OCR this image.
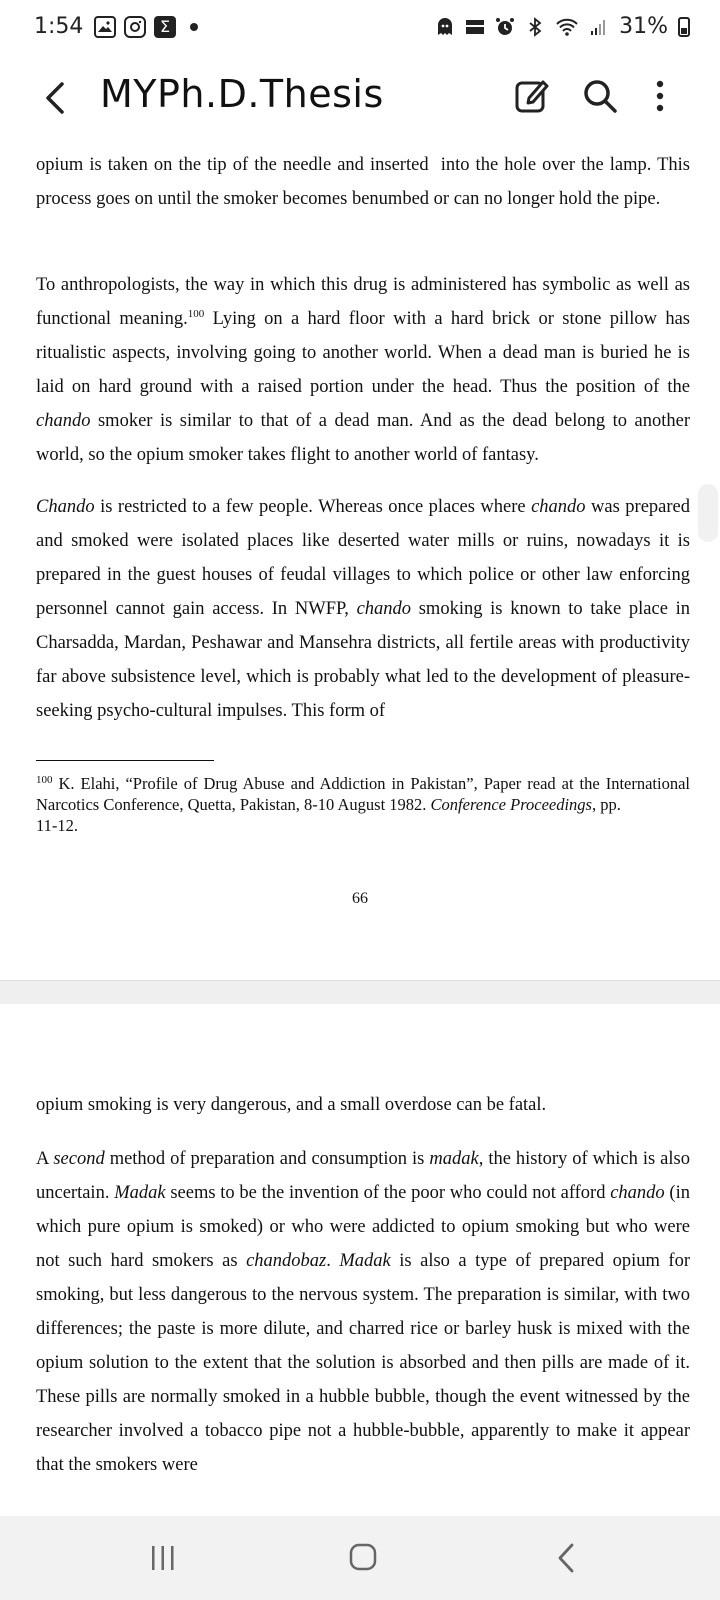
1:54	Σ	31%
MYPh.D.Thesis

opium is taken on the tip of the needle and inserted  into the hole over the lamp. This process goes on until the smoker becomes benumbed or can no longer hold the pipe.

To anthropologists, the way in which this drug is administered has symbolic as well as functional meaning.$^{100}$ Lying on a hard floor with a hard brick or stone pillow has ritualistic aspects, involving going to another world. When a dead man is buried he is laid on hard ground with a raised portion under the head. Thus the position of the chando smoker is similar to that of a dead man. And as the dead belong to another world, so the opium smoker takes flight to another world of fantasy.

Chando is restricted to a few people. Whereas once places where chando was prepared and smoked were isolated places like deserted water mills or ruins, nowadays it is prepared in the guest houses of feudal villages to which police or other law enforcing personnel cannot gain access. In NWFP, chando smoking is known to take place in Charsadda, Mardan, Peshawar and Mansehra districts, all fertile areas with productivity far above subsistence level, which is probably what led to the development of pleasure-seeking psycho-cultural impulses. This form of

$^{100}$ K. Elahi, “Profile of Drug Abuse and Addiction in Pakistan”, Paper read at the International Narcotics Conference, Quetta, Pakistan, 8-10 August 1982. Conference Proceedings, pp.
11-12.
66

opium smoking is very dangerous, and a small overdose can be fatal.

A second method of preparation and consumption is madak, the history of which is also uncertain. Madak seems to be the invention of the poor who could not afford chando (in which pure opium is smoked) or who were addicted to opium smoking but who were not such hard smokers as chandobaz. Madak is also a type of prepared opium for smoking, but less dangerous to the nervous system. The preparation is similar, with two differences; the paste is more dilute, and charred rice or barley husk is mixed with the opium solution to the extent that the solution is absorbed and then pills are made of it. These pills are normally smoked in a hubble bubble, though the event witnessed by the researcher involved a tobacco pipe not a hubble-bubble, apparently to make it appear that the smokers were
